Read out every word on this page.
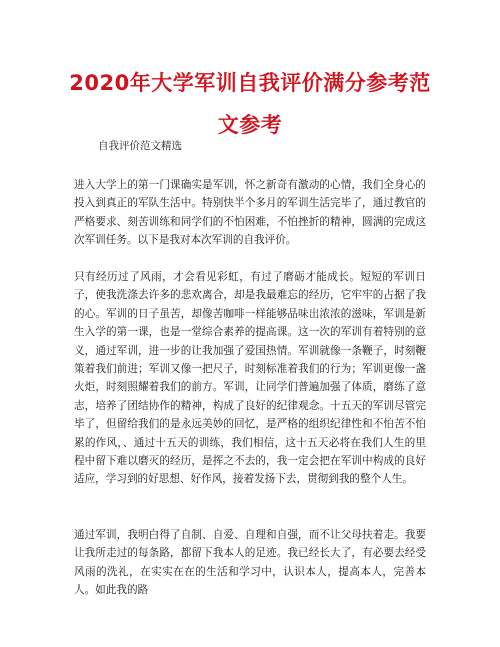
2020年大学军训自我评价满分参考范文参考
自我评价范文精选

进入大学上的第一门课确实是军训，怀之新奇有激动的心情，我们全身心的投入到真正的军队生活中。特别快半个多月的军训生活完毕了，通过教官的严格要求、刻苦训练和同学们的不怕困难，不怕挫折的精神，圆满的完成这次军训任务。以下是我对本次军训的自我评价。

只有经历过了风雨，才会看见彩虹，有过了磨砺才能成长。短短的军训日子，使我洗涤去许多的悲欢离合，却是我最难忘的经历，它牢牢的占据了我的心。军训的日子虽苦，却像苦咖啡一样能够品味出浓浓的滋味，军训是新生入学的第一课，也是一堂综合素养的提高课。这一次的军训有着特别的意义，通过军训，进一步的让我加强了爱国热情。军训就像一条鞭子，时刻鞭策着我们前进；军训又像一把尺子，时刻标准着我们的行为；军训更像一盏火炬，时刻照耀着我们的前方。军训，让同学们普遍加强了体质，磨练了意志，培养了团结协作的精神，构成了良好的纪律观念。十五天的军训尽管完毕了，但留给我们的是永远美妙的回忆，是严格的组织纪律性和不怕苦不怕累的作风，、通过十五天的训练，我们相信，这十五天必将在我们人生的里程中留下难以磨灭的经历，是挥之不去的，我一定会把在军训中构成的良好适应，学习到的好思想、好作风，接着发扬下去，贯彻到我的整个人生。

通过军训，我明白得了自制、自爱、自理和自强，而不让父母扶着走。我要让我所走过的每条路，都留下我本人的足迹。我已经长大了，有必要去经受风雨的洗礼，在实实在在的生活和学习中，认识本人，提高本人，完善本人。如此我的路
